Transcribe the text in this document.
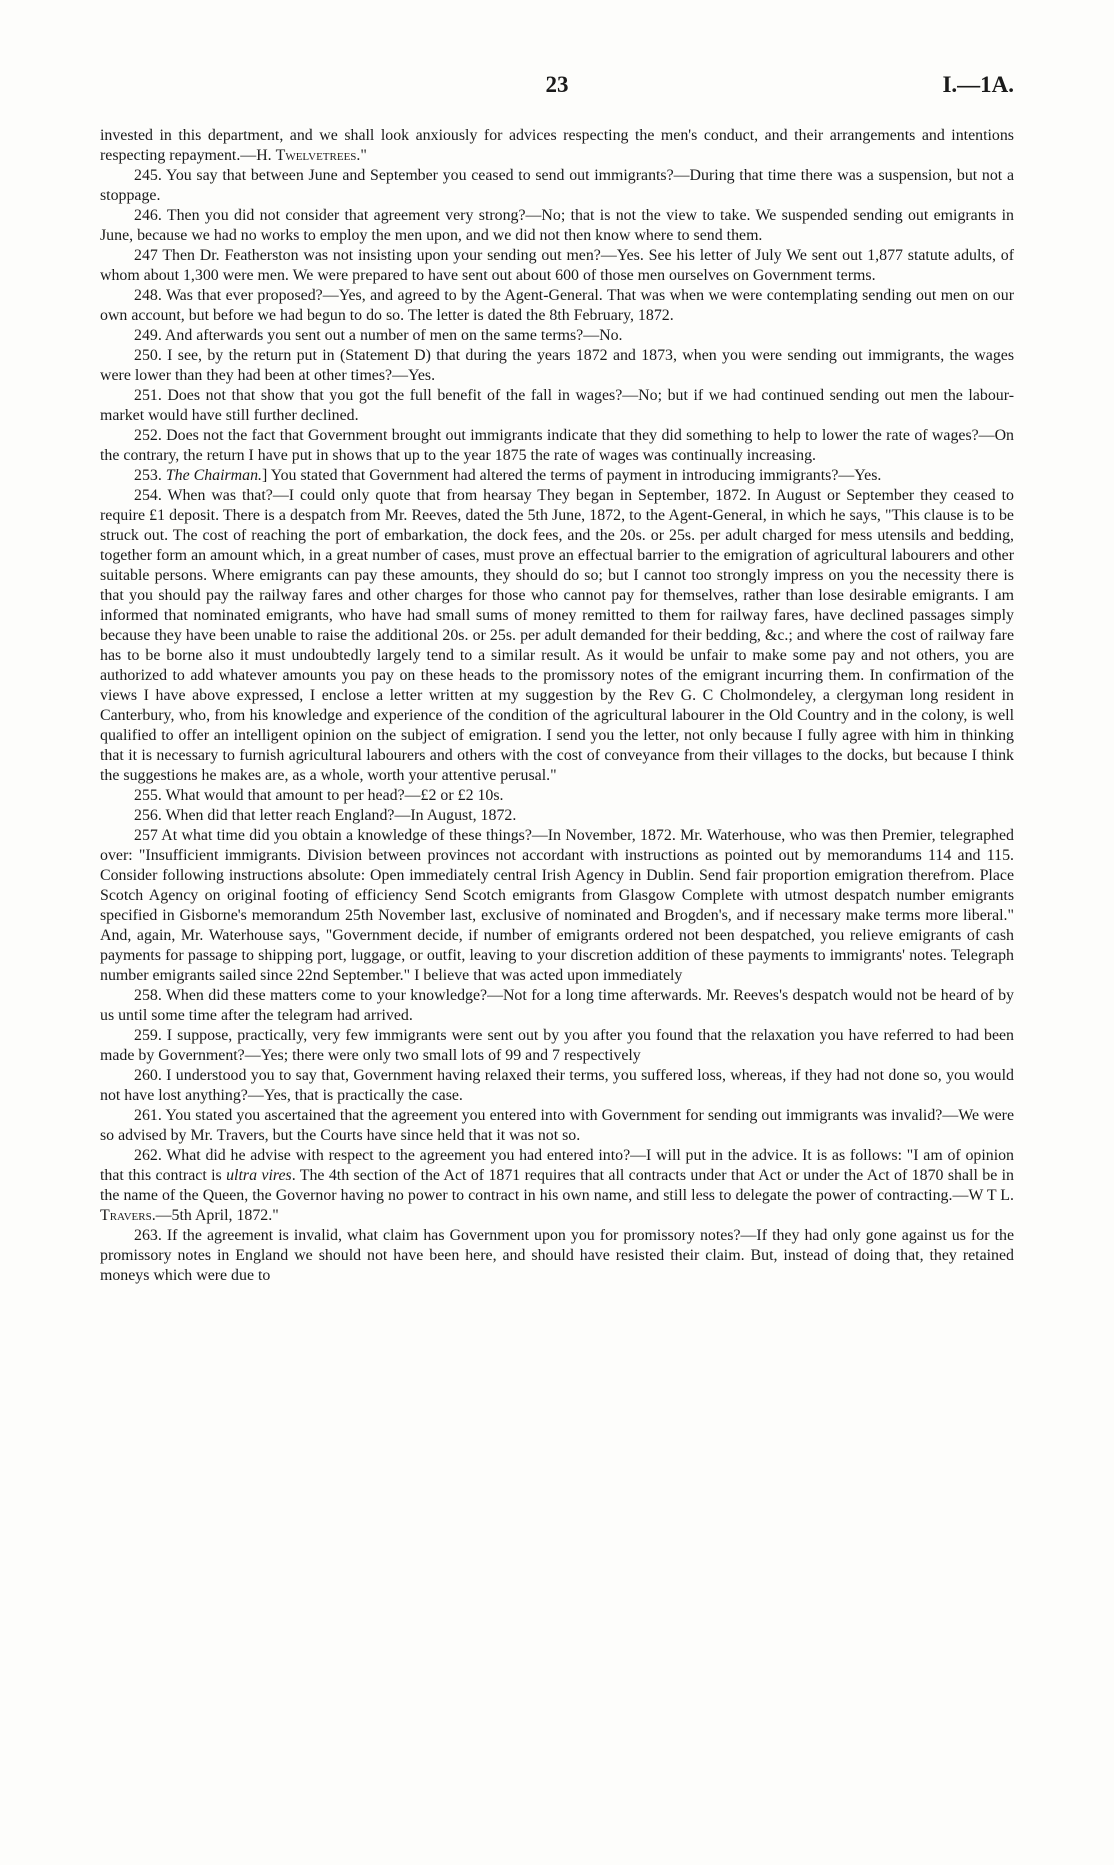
23	I.—1A.

invested in this department, and we shall look anxiously for advices respecting the men's conduct, and their arrangements and intentions respecting repayment.—H. Twelvetrees."

245. You say that between June and September you ceased to send out immigrants?—During that time there was a suspension, but not a stoppage.

246. Then you did not consider that agreement very strong?—No; that is not the view to take. We suspended sending out emigrants in June, because we had no works to employ the men upon, and we did not then know where to send them.

247 Then Dr. Featherston was not insisting upon your sending out men?—Yes. See his letter of July We sent out 1,877 statute adults, of whom about 1,300 were men. We were prepared to have sent out about 600 of those men ourselves on Government terms.

248. Was that ever proposed?—Yes, and agreed to by the Agent-General. That was when we were contemplating sending out men on our own account, but before we had begun to do so. The letter is dated the 8th February, 1872.

249. And afterwards you sent out a number of men on the same terms?—No.

250. I see, by the return put in (Statement D) that during the years 1872 and 1873, when you were sending out immigrants, the wages were lower than they had been at other times?—Yes.

251. Does not that show that you got the full benefit of the fall in wages?—No; but if we had continued sending out men the labour-market would have still further declined.

252. Does not the fact that Government brought out immigrants indicate that they did something to help to lower the rate of wages?—On the contrary, the return I have put in shows that up to the year 1875 the rate of wages was continually increasing.

253. The Chairman.] You stated that Government had altered the terms of payment in introducing immigrants?—Yes.

254. When was that?—I could only quote that from hearsay They began in September, 1872. In August or September they ceased to require £1 deposit. There is a despatch from Mr. Reeves, dated the 5th June, 1872, to the Agent-General, in which he says, "This clause is to be struck out. The cost of reaching the port of embarkation, the dock fees, and the 20s. or 25s. per adult charged for mess utensils and bedding, together form an amount which, in a great number of cases, must prove an effectual barrier to the emigration of agricultural labourers and other suitable persons. Where emigrants can pay these amounts, they should do so; but I cannot too strongly impress on you the necessity there is that you should pay the railway fares and other charges for those who cannot pay for themselves, rather than lose desirable emigrants. I am informed that nominated emigrants, who have had small sums of money remitted to them for railway fares, have declined passages simply because they have been unable to raise the additional 20s. or 25s. per adult demanded for their bedding, &c.; and where the cost of railway fare has to be borne also it must undoubtedly largely tend to a similar result. As it would be unfair to make some pay and not others, you are authorized to add whatever amounts you pay on these heads to the promissory notes of the emigrant incurring them. In confirmation of the views I have above expressed, I enclose a letter written at my suggestion by the Rev G. C Cholmondeley, a clergyman long resident in Canterbury, who, from his knowledge and experience of the condition of the agricultural labourer in the Old Country and in the colony, is well qualified to offer an intelligent opinion on the subject of emigration. I send you the letter, not only because I fully agree with him in thinking that it is necessary to furnish agricultural labourers and others with the cost of conveyance from their villages to the docks, but because I think the suggestions he makes are, as a whole, worth your attentive perusal."

255. What would that amount to per head?—£2 or £2 10s.

256. When did that letter reach England?—In August, 1872.

257 At what time did you obtain a knowledge of these things?—In November, 1872. Mr. Waterhouse, who was then Premier, telegraphed over: "Insufficient immigrants. Division between provinces not accordant with instructions as pointed out by memorandums 114 and 115. Consider following instructions absolute: Open immediately central Irish Agency in Dublin. Send fair proportion emigration therefrom. Place Scotch Agency on original footing of efficiency Send Scotch emigrants from Glasgow Complete with utmost despatch number emigrants specified in Gisborne's memorandum 25th November last, exclusive of nominated and Brogden's, and if necessary make terms more liberal." And, again, Mr. Waterhouse says, "Government decide, if number of emigrants ordered not been despatched, you relieve emigrants of cash payments for passage to shipping port, luggage, or outfit, leaving to your discretion addition of these payments to immigrants' notes. Telegraph number emigrants sailed since 22nd September." I believe that was acted upon immediately

258. When did these matters come to your knowledge?—Not for a long time afterwards. Mr. Reeves's despatch would not be heard of by us until some time after the telegram had arrived.

259. I suppose, practically, very few immigrants were sent out by you after you found that the relaxation you have referred to had been made by Government?—Yes; there were only two small lots of 99 and 7 respectively

260. I understood you to say that, Government having relaxed their terms, you suffered loss, whereas, if they had not done so, you would not have lost anything?—Yes, that is practically the case.

261. You stated you ascertained that the agreement you entered into with Government for sending out immigrants was invalid?—We were so advised by Mr. Travers, but the Courts have since held that it was not so.

262. What did he advise with respect to the agreement you had entered into?—I will put in the advice. It is as follows: "I am of opinion that this contract is ultra vires. The 4th section of the Act of 1871 requires that all contracts under that Act or under the Act of 1870 shall be in the name of the Queen, the Governor having no power to contract in his own name, and still less to delegate the power of contracting.—W T L. Travers.—5th April, 1872."

263. If the agreement is invalid, what claim has Government upon you for promissory notes?—If they had only gone against us for the promissory notes in England we should not have been here, and should have resisted their claim. But, instead of doing that, they retained moneys which were due to
